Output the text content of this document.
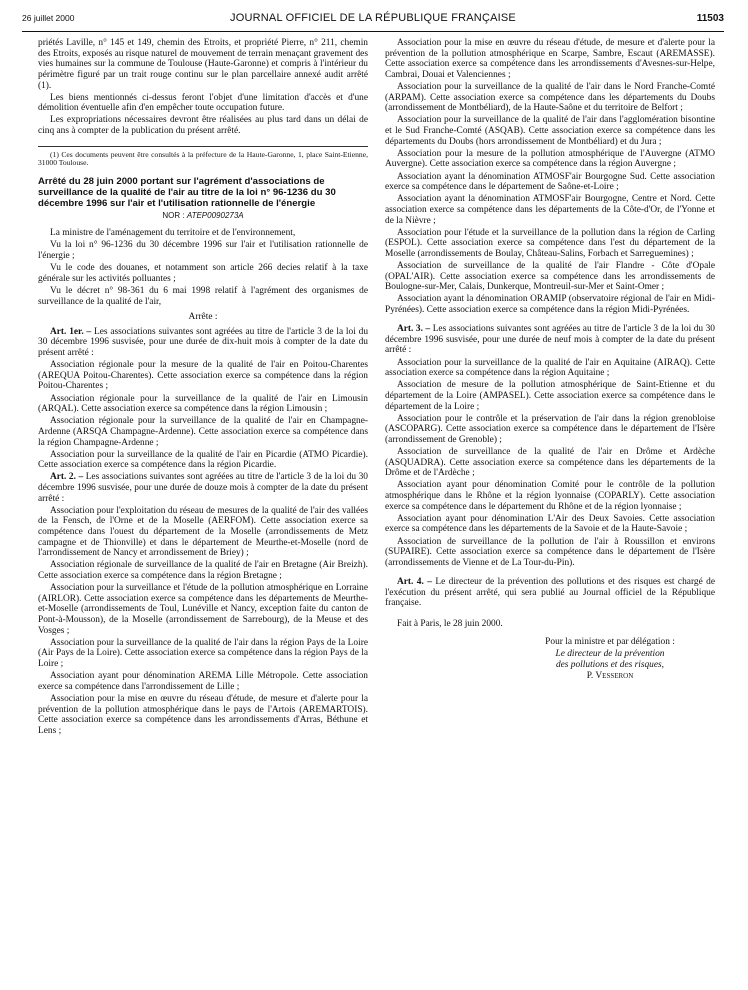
26 juillet 2000	JOURNAL OFFICIEL DE LA RÉPUBLIQUE FRANÇAISE	11503

priétés Laville, n° 145 et 149, chemin des Etroits, et propriété Pierre, n° 211, chemin des Etroits, exposés au risque naturel de mouvement de terrain menaçant gravement des vies humaines sur la commune de Toulouse (Haute-Garonne) et compris à l'intérieur du périmètre figuré par un trait rouge continu sur le plan parcellaire annexé audit arrêté (1).

Les biens mentionnés ci-dessus feront l'objet d'une limitation d'accès et d'une démolition éventuelle afin d'en empêcher toute occupation future.

Les expropriations nécessaires devront être réalisées au plus tard dans un délai de cinq ans à compter de la publication du présent arrêté.

(1) Ces documents peuvent être consultés à la préfecture de la Haute-Garonne, 1, place Saint-Etienne, 31000 Toulouse.
Arrêté du 28 juin 2000 portant sur l'agrément d'associations de surveillance de la qualité de l'air au titre de la loi n° 96-1236 du 30 décembre 1996 sur l'air et l'utilisation rationnelle de l'énergie
NOR : ATEP0090273A

La ministre de l'aménagement du territoire et de l'environnement,

Vu la loi n° 96-1236 du 30 décembre 1996 sur l'air et l'utilisation rationnelle de l'énergie ;

Vu le code des douanes, et notamment son article 266 decies relatif à la taxe générale sur les activités polluantes ;

Vu le décret n° 98-361 du 6 mai 1998 relatif à l'agrément des organismes de surveillance de la qualité de l'air,

Arrête :

Art. 1er. – Les associations suivantes sont agréées au titre de l'article 3 de la loi du 30 décembre 1996 susvisée, pour une durée de dix-huit mois à compter de la date du présent arrêté :

Association régionale pour la mesure de la qualité de l'air en Poitou-Charentes (AREQUA Poitou-Charentes). Cette association exerce sa compétence dans la région Poitou-Charentes ;

Association régionale pour la surveillance de la qualité de l'air en Limousin (ARQAL). Cette association exerce sa compétence dans la région Limousin ;

Association régionale pour la surveillance de la qualité de l'air en Champagne-Ardenne (ARSQA Champagne-Ardenne). Cette association exerce sa compétence dans la région Champagne-Ardenne ;

Association pour la surveillance de la qualité de l'air en Picardie (ATMO Picardie). Cette association exerce sa compétence dans la région Picardie.

Art. 2. – Les associations suivantes sont agréées au titre de l'article 3 de la loi du 30 décembre 1996 susvisée, pour une durée de douze mois à compter de la date du présent arrêté :

Association pour l'exploitation du réseau de mesures de la qualité de l'air des vallées de la Fensch, de l'Orne et de la Moselle (AERFOM). Cette association exerce sa compétence dans l'ouest du département de la Moselle (arrondissements de Metz campagne et de Thionville) et dans le département de Meurthe-et-Moselle (nord de l'arrondissement de Nancy et arrondissement de Briey) ;

Association régionale de surveillance de la qualité de l'air en Bretagne (Air Breizh). Cette association exerce sa compétence dans la région Bretagne ;

Association pour la surveillance et l'étude de la pollution atmosphérique en Lorraine (AIRLOR). Cette association exerce sa compétence dans les départements de Meurthe-et-Moselle (arrondissements de Toul, Lunéville et Nancy, exception faite du canton de Pont-à-Mousson), de la Moselle (arrondissement de Sarrebourg), de la Meuse et des Vosges ;

Association pour la surveillance de la qualité de l'air dans la région Pays de la Loire (Air Pays de la Loire). Cette association exerce sa compétence dans la région Pays de la Loire ;

Association ayant pour dénomination AREMA Lille Métropole. Cette association exerce sa compétence dans l'arrondissement de Lille ;

Association pour la mise en œuvre du réseau d'étude, de mesure et d'alerte pour la prévention de la pollution atmosphérique dans le pays de l'Artois (AREMARTOIS). Cette association exerce sa compétence dans les arrondissements d'Arras, Béthune et Lens ;

Association pour la mise en œuvre du réseau d'étude, de mesure et d'alerte pour la prévention de la pollution atmosphérique en Scarpe, Sambre, Escaut (AREMASSE). Cette association exerce sa compétence dans les arrondissements d'Avesnes-sur-Helpe, Cambrai, Douai et Valenciennes ;

Association pour la surveillance de la qualité de l'air dans le Nord Franche-Comté (ARPAM). Cette association exerce sa compétence dans les départements du Doubs (arrondissement de Montbéliard), de la Haute-Saône et du territoire de Belfort ;

Association pour la surveillance de la qualité de l'air dans l'agglomération bisontine et le Sud Franche-Comté (ASQAB). Cette association exerce sa compétence dans les départements du Doubs (hors arrondissement de Montbéliard) et du Jura ;

Association pour la mesure de la pollution atmosphérique de l'Auvergne (ATMO Auvergne). Cette association exerce sa compétence dans la région Auvergne ;

Association ayant la dénomination ATMOSF'air Bourgogne Sud. Cette association exerce sa compétence dans le département de Saône-et-Loire ;

Association ayant la dénomination ATMOSF'air Bourgogne, Centre et Nord. Cette association exerce sa compétence dans les départements de la Côte-d'Or, de l'Yonne et de la Nièvre ;

Association pour l'étude et la surveillance de la pollution dans la région de Carling (ESPOL). Cette association exerce sa compétence dans l'est du département de la Moselle (arrondissements de Boulay, Château-Salins, Forbach et Sarreguemines) ;

Association de surveillance de la qualité de l'air Flandre - Côte d'Opale (OPAL'AIR). Cette association exerce sa compétence dans les arrondissements de Boulogne-sur-Mer, Calais, Dunkerque, Montreuil-sur-Mer et Saint-Omer ;

Association ayant la dénomination ORAMIP (observatoire régional de l'air en Midi-Pyrénées). Cette association exerce sa compétence dans la région Midi-Pyrénées.

Art. 3. – Les associations suivantes sont agréées au titre de l'article 3 de la loi du 30 décembre 1996 susvisée, pour une durée de neuf mois à compter de la date du présent arrêté :

Association pour la surveillance de la qualité de l'air en Aquitaine (AIRAQ). Cette association exerce sa compétence dans la région Aquitaine ;

Association de mesure de la pollution atmosphérique de Saint-Etienne et du département de la Loire (AMPASEL). Cette association exerce sa compétence dans le département de la Loire ;

Association pour le contrôle et la préservation de l'air dans la région grenobloise (ASCOPARG). Cette association exerce sa compétence dans le département de l'Isère (arrondissement de Grenoble) ;

Association de surveillance de la qualité de l'air en Drôme et Ardèche (ASQUADRA). Cette association exerce sa compétence dans les départements de la Drôme et de l'Ardèche ;

Association ayant pour dénomination Comité pour le contrôle de la pollution atmosphérique dans le Rhône et la région lyonnaise (COPARLY). Cette association exerce sa compétence dans le département du Rhône et de la région lyonnaise ;

Association ayant pour dénomination L'Air des Deux Savoies. Cette association exerce sa compétence dans les départements de la Savoie et de la Haute-Savoie ;

Association de surveillance de la pollution de l'air à Roussillon et environs (SUPAIRE). Cette association exerce sa compétence dans le département de l'Isère (arrondissements de Vienne et de La Tour-du-Pin).

Art. 4. – Le directeur de la prévention des pollutions et des risques est chargé de l'exécution du présent arrêté, qui sera publié au Journal officiel de la République française.

Fait à Paris, le 28 juin 2000.

Pour la ministre et par délégation :
Le directeur de la prévention
des pollutions et des risques,
P. Vesseron
